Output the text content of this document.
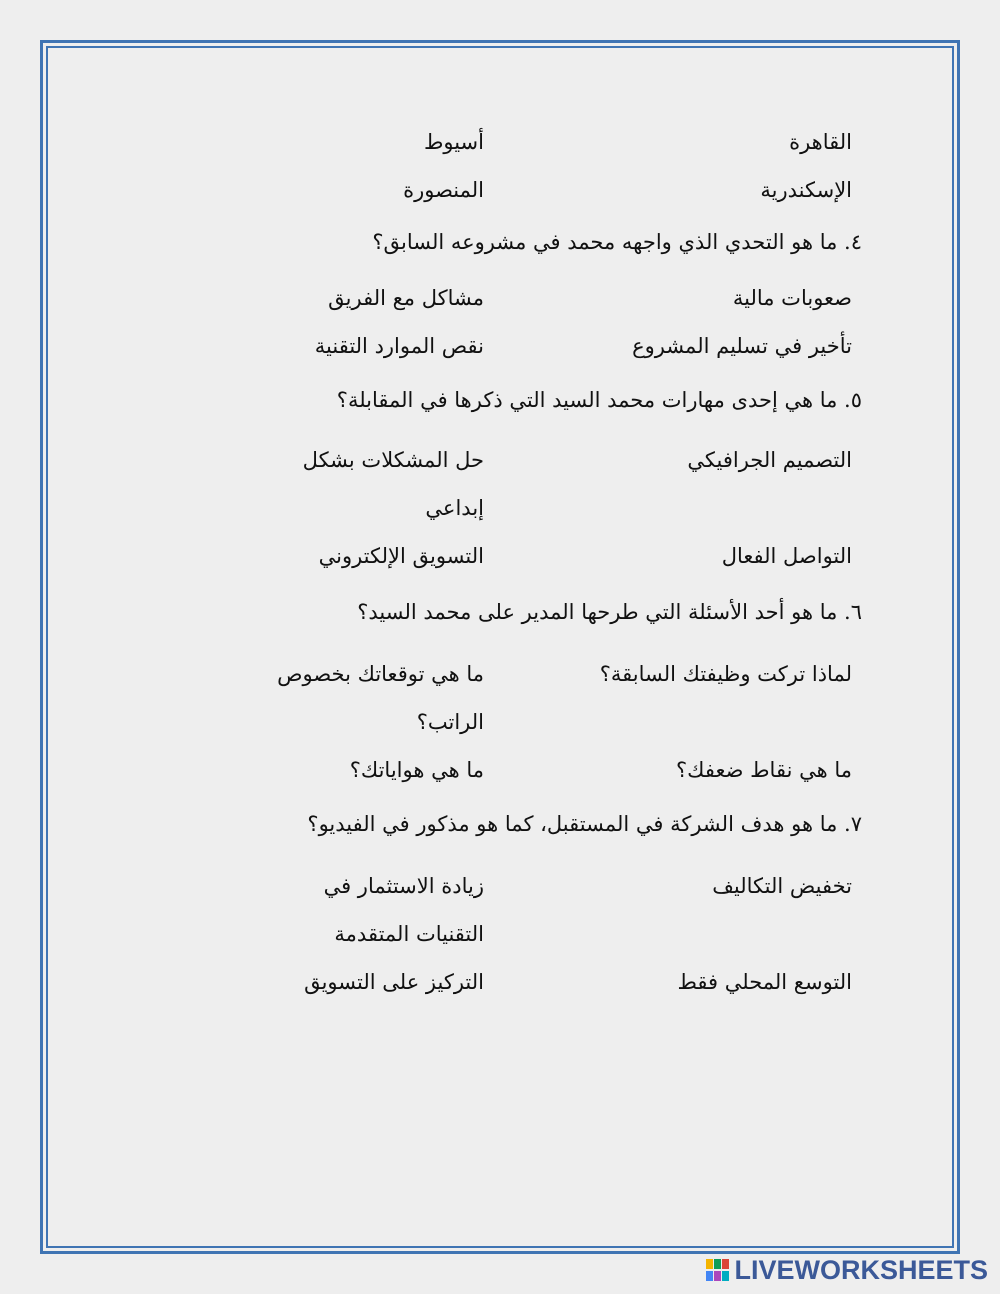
القاهرة
أسيوط
الإسكندرية
المنصورة

٤. ما هو التحدي الذي واجهه محمد في مشروعه السابق؟

صعوبات مالية
مشاكل مع الفريق
تأخير في تسليم المشروع
نقص الموارد التقنية

٥. ما هي إحدى مهارات محمد السيد التي ذكرها في المقابلة؟

التصميم الجرافيكي
حل المشكلات بشكل إبداعي
التواصل الفعال
التسويق الإلكتروني

٦. ما هو أحد الأسئلة التي طرحها المدير على محمد السيد؟

لماذا تركت وظيفتك السابقة؟
ما هي توقعاتك بخصوص الراتب؟
ما هي نقاط ضعفك؟
ما هي هواياتك؟

٧. ما هو هدف الشركة في المستقبل، كما هو مذكور في الفيديو؟

تخفيض التكاليف
زيادة الاستثمار في التقنيات المتقدمة
التوسع المحلي فقط
التركيز على التسويق
LIVEWORKSHEETS
